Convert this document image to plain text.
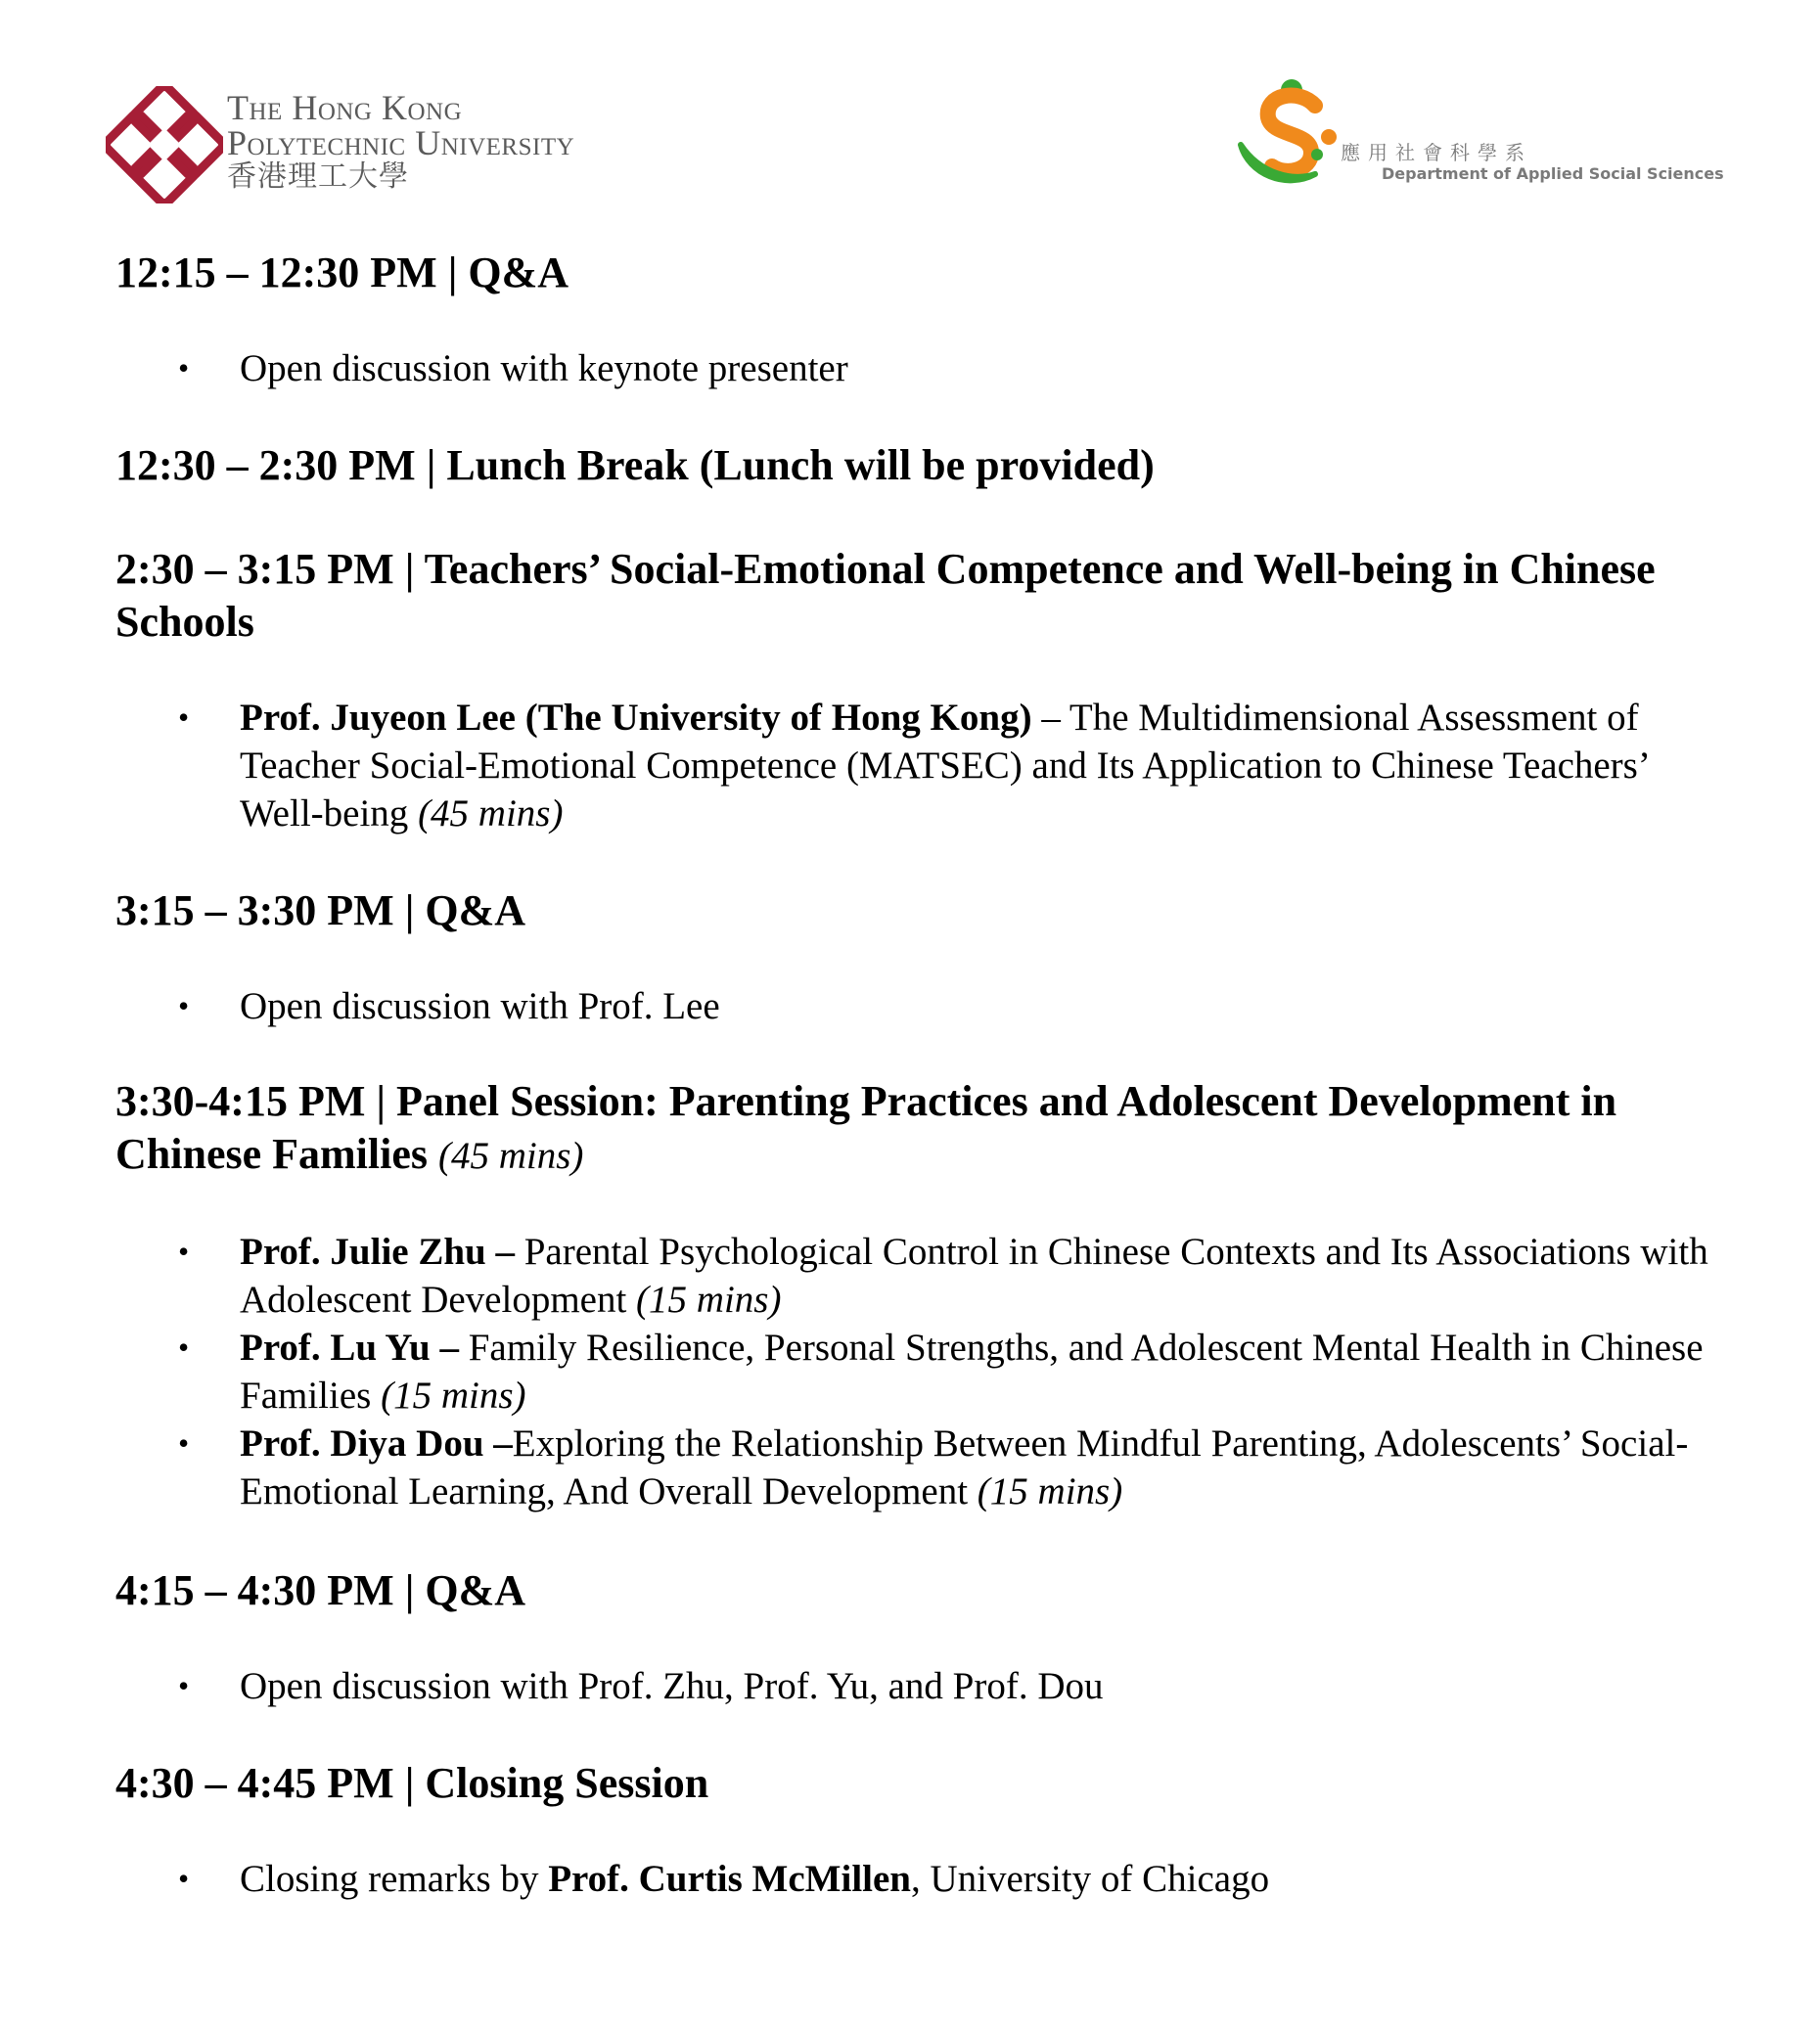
The Hong Kong
Polytechnic University
香港理工大學
應用社會科學系
Department of Applied Social Sciences
12:15 – 12:30 PM | Q&A
• Open discussion with keynote presenter
12:30 – 2:30 PM | Lunch Break (Lunch will be provided)
2:30 – 3:15 PM | Teachers’ Social-Emotional Competence and Well-being in Chinese Schools
• Prof. Juyeon Lee (The University of Hong Kong) – The Multidimensional Assessment of Teacher Social-Emotional Competence (MATSEC) and Its Application to Chinese Teachers’ Well-being (45 mins)
3:15 – 3:30 PM | Q&A
• Open discussion with Prof. Lee
3:30-4:15 PM | Panel Session: Parenting Practices and Adolescent Development in Chinese Families (45 mins)
• Prof. Julie Zhu – Parental Psychological Control in Chinese Contexts and Its Associations with Adolescent Development (15 mins)
• Prof. Lu Yu – Family Resilience, Personal Strengths, and Adolescent Mental Health in Chinese Families (15 mins)
• Prof. Diya Dou –Exploring the Relationship Between Mindful Parenting, Adolescents’ Social-Emotional Learning, And Overall Development (15 mins)
4:15 – 4:30 PM | Q&A
• Open discussion with Prof. Zhu, Prof. Yu, and Prof. Dou
4:30 – 4:45 PM | Closing Session
• Closing remarks by Prof. Curtis McMillen, University of Chicago
